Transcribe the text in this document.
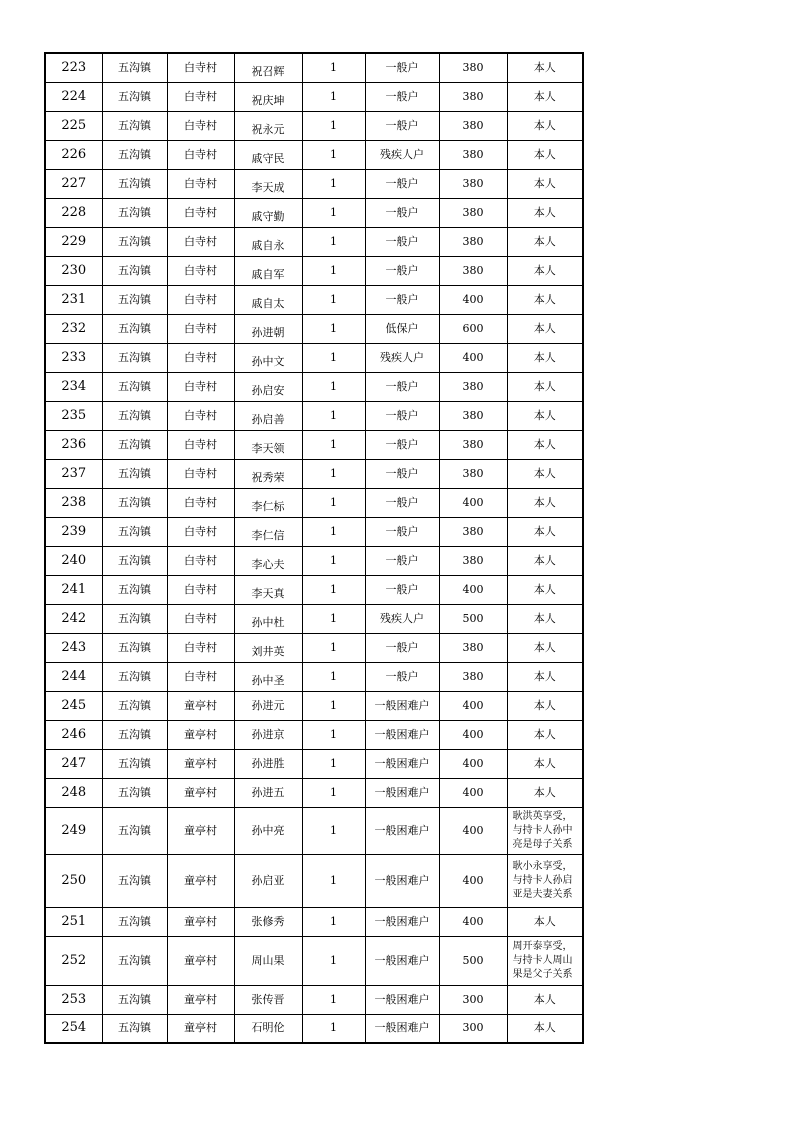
223	五沟镇	白寺村	祝召辉	1	一般户	380	本人
224	五沟镇	白寺村	祝庆坤	1	一般户	380	本人
225	五沟镇	白寺村	祝永元	1	一般户	380	本人
226	五沟镇	白寺村	戚守民	1	残疾人户	380	本人
227	五沟镇	白寺村	李天成	1	一般户	380	本人
228	五沟镇	白寺村	戚守勤	1	一般户	380	本人
229	五沟镇	白寺村	戚自永	1	一般户	380	本人
230	五沟镇	白寺村	戚自军	1	一般户	380	本人
231	五沟镇	白寺村	戚自太	1	一般户	400	本人
232	五沟镇	白寺村	孙进朝	1	低保户	600	本人
233	五沟镇	白寺村	孙中文	1	残疾人户	400	本人
234	五沟镇	白寺村	孙启安	1	一般户	380	本人
235	五沟镇	白寺村	孙启善	1	一般户	380	本人
236	五沟镇	白寺村	李天领	1	一般户	380	本人
237	五沟镇	白寺村	祝秀荣	1	一般户	380	本人
238	五沟镇	白寺村	李仁标	1	一般户	400	本人
239	五沟镇	白寺村	李仁信	1	一般户	380	本人
240	五沟镇	白寺村	李心夫	1	一般户	380	本人
241	五沟镇	白寺村	李天真	1	一般户	400	本人
242	五沟镇	白寺村	孙中杜	1	残疾人户	500	本人
243	五沟镇	白寺村	刘井英	1	一般户	380	本人
244	五沟镇	白寺村	孙中圣	1	一般户	380	本人
245	五沟镇	童亭村	孙进元	1	一般困难户	400	本人
246	五沟镇	童亭村	孙进京	1	一般困难户	400	本人
247	五沟镇	童亭村	孙进胜	1	一般困难户	400	本人
248	五沟镇	童亭村	孙进五	1	一般困难户	400	本人
249	五沟镇	童亭村	孙中亮	1	一般困难户	400	耿洪英享受，与持卡人孙中亮是母子关系
250	五沟镇	童亭村	孙启亚	1	一般困难户	400	耿小永享受，与持卡人孙启亚是夫妻关系
251	五沟镇	童亭村	张修秀	1	一般困难户	400	本人
252	五沟镇	童亭村	周山果	1	一般困难户	500	周开泰享受，与持卡人周山果是父子关系
253	五沟镇	童亭村	张传晋	1	一般困难户	300	本人
254	五沟镇	童亭村	石明伦	1	一般困难户	300	本人
